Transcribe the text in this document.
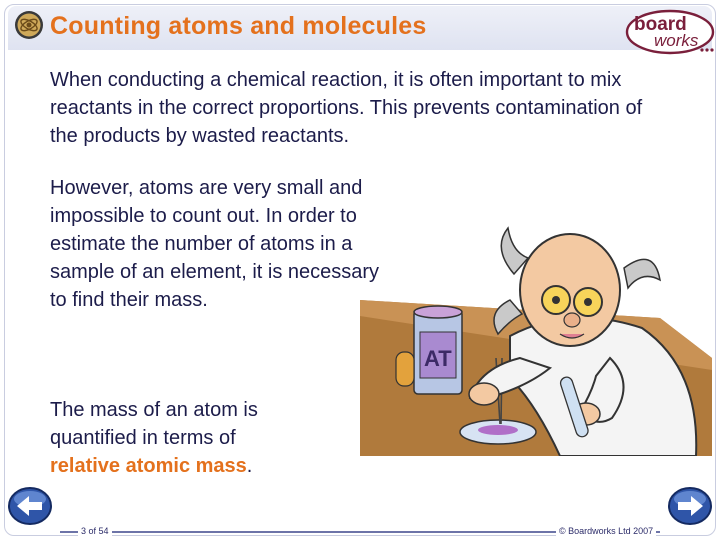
Counting atoms and molecules	board
works
When conducting a chemical reaction, it is often important to mix reactants in the correct proportions. This prevents contamination of the products by wasted reactants.
However, atoms are very small and impossible to count out. In order to estimate the number of atoms in a sample of an element, it is necessary to find their mass.
The mass of an atom is quantified in terms of
relative atomic mass.
AT
3 of 54	© Boardworks Ltd 2007
